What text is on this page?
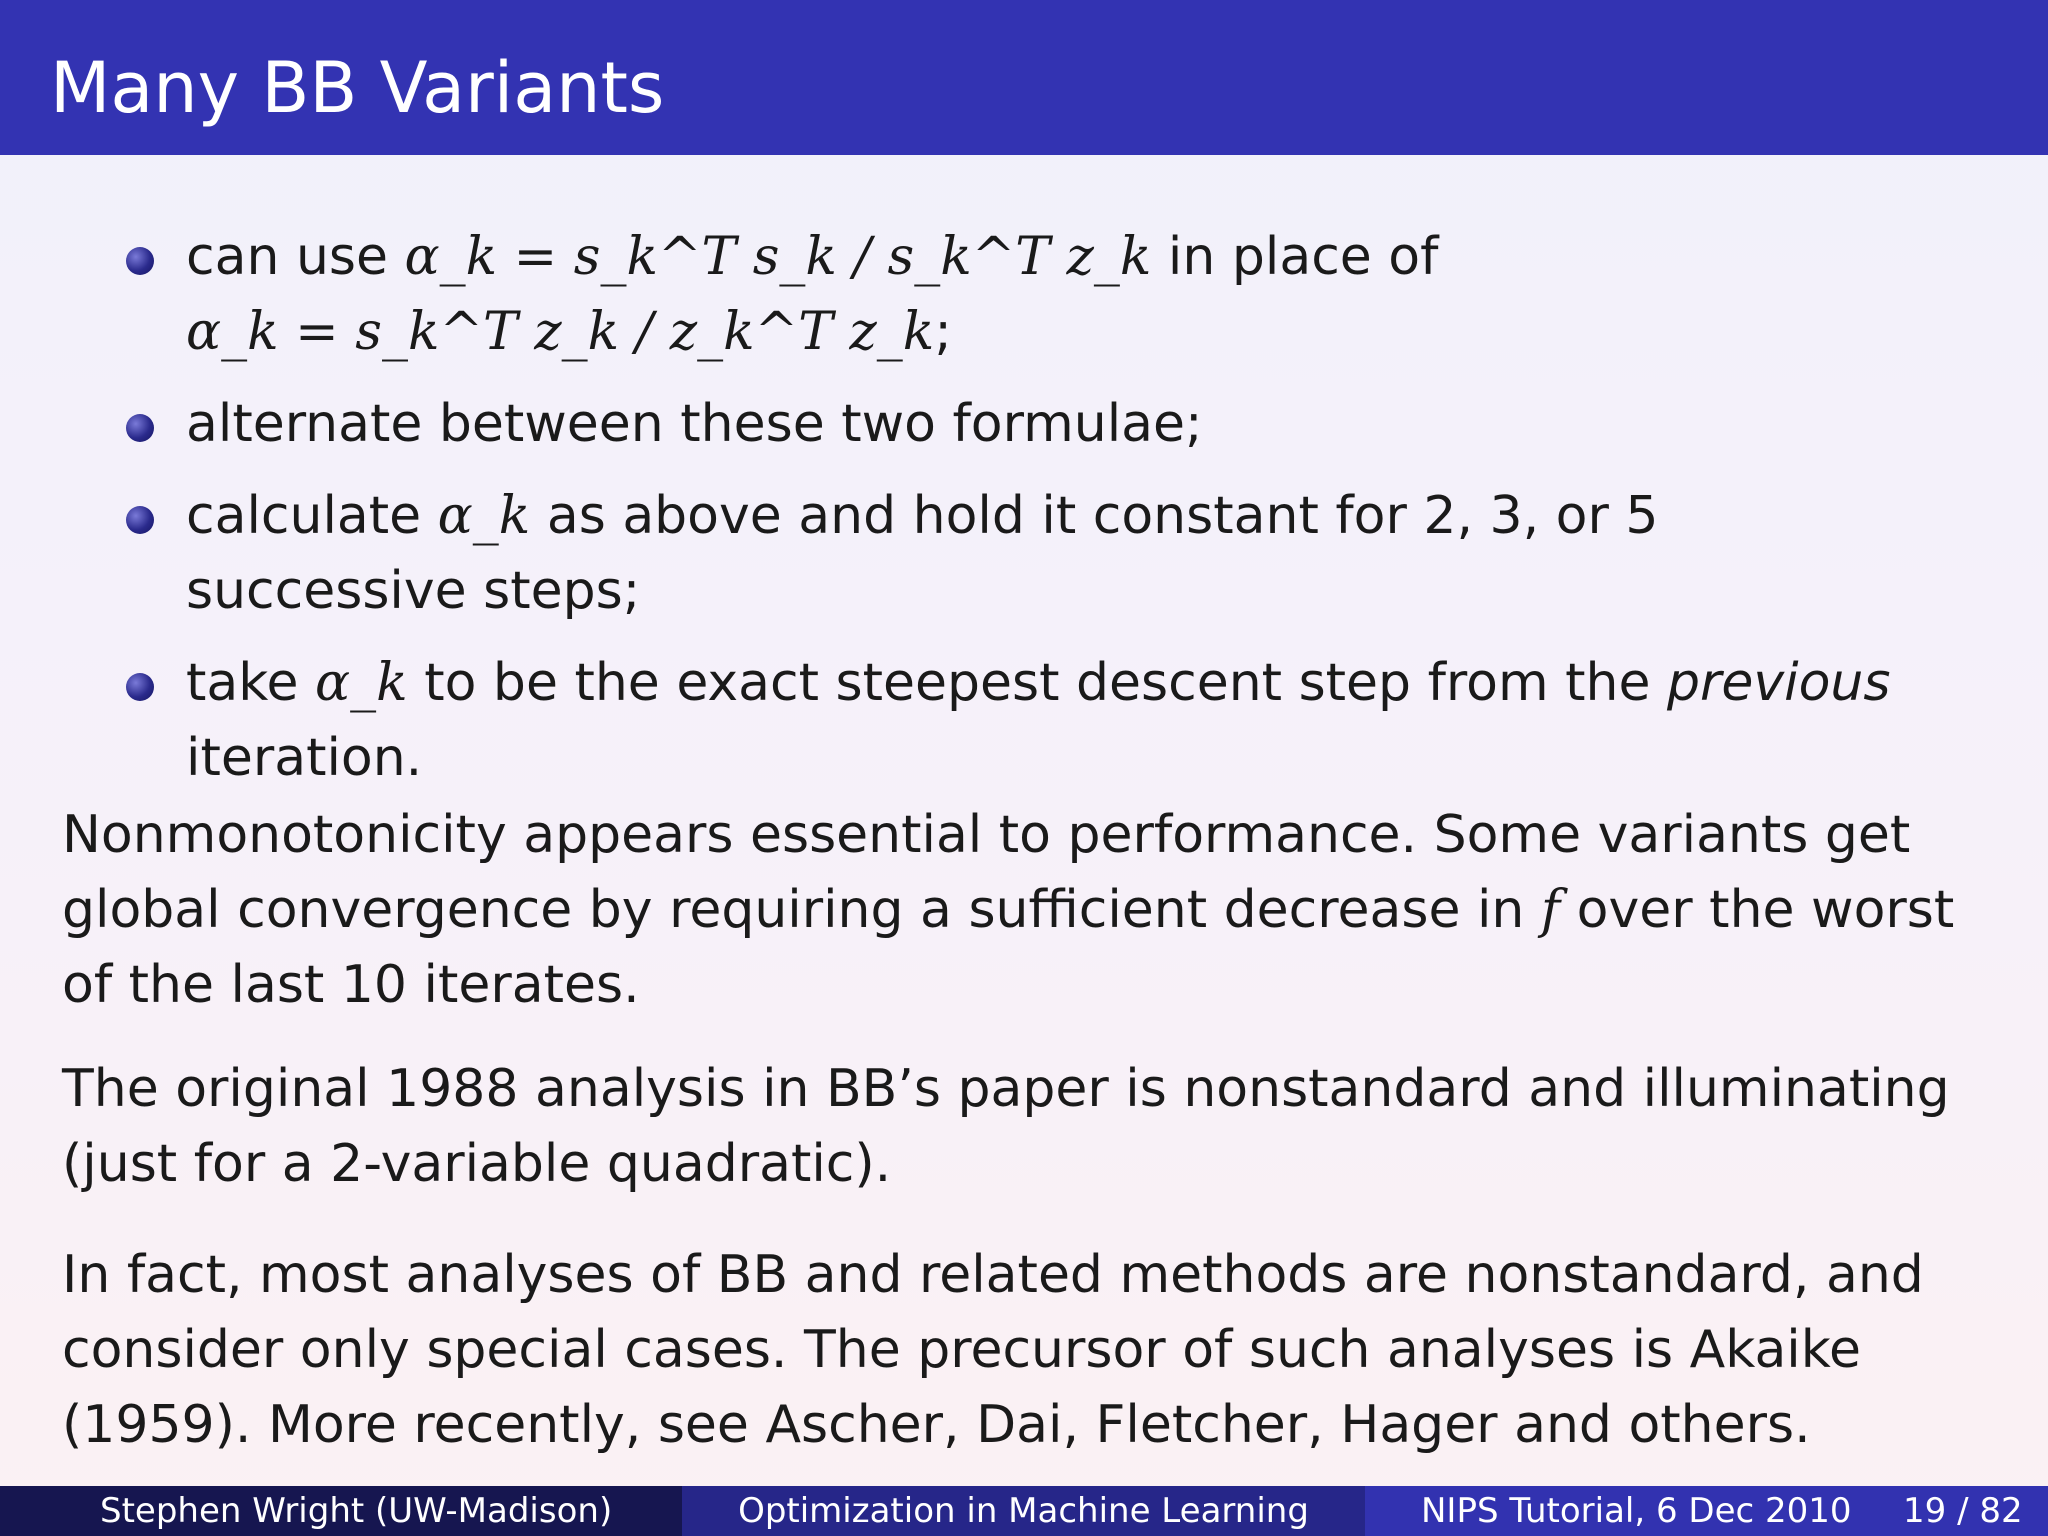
Many BB Variants
can use α_k = s_k^T s_k / s_k^T z_k in place of α_k = s_k^T z_k / z_k^T z_k;
alternate between these two formulae;
calculate α_k as above and hold it constant for 2, 3, or 5 successive steps;
take α_k to be the exact steepest descent step from the previous iteration.

Nonmonotonicity appears essential to performance. Some variants get global convergence by requiring a sufficient decrease in f over the worst of the last 10 iterates.

The original 1988 analysis in BB’s paper is nonstandard and illuminating (just for a 2-variable quadratic).

In fact, most analyses of BB and related methods are nonstandard, and consider only special cases. The precursor of such analyses is Akaike (1959). More recently, see Ascher, Dai, Fletcher, Hager and others.

Stephen Wright (UW-Madison)	Optimization in Machine Learning	NIPS Tutorial, 6 Dec 2010	19 / 82
